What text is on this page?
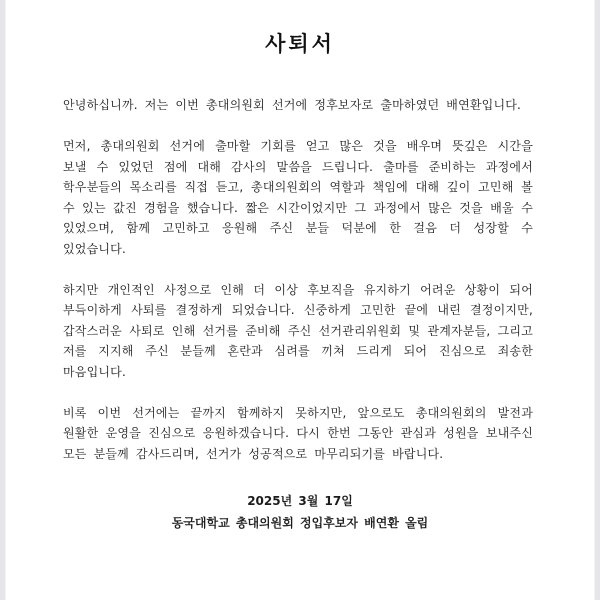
사퇴서

안녕하십니까. 저는 이번 총대의원회 선거에 정후보자로 출마하였던 배연환입니다.

먼저, 총대의원회 선거에 출마할 기회를 얻고 많은 것을 배우며 뜻깊은 시간을 보낼 수 있었던 점에 대해 감사의 말씀을 드립니다. 출마를 준비하는 과정에서 학우분들의 목소리를 직접 듣고, 총대의원회의 역할과 책임에 대해 깊이 고민해 볼 수 있는 값진 경험을 했습니다. 짧은 시간이었지만 그 과정에서 많은 것을 배울 수 있었으며, 함께 고민하고 응원해 주신 분들 덕분에 한 걸음 더 성장할 수 있었습니다.

하지만 개인적인 사정으로 인해 더 이상 후보직을 유지하기 어려운 상황이 되어 부득이하게 사퇴를 결정하게 되었습니다. 신중하게 고민한 끝에 내린 결정이지만, 갑작스러운 사퇴로 인해 선거를 준비해 주신 선거관리위원회 및 관계자분들, 그리고 저를 지지해 주신 분들께 혼란과 심려를 끼쳐 드리게 되어 진심으로 죄송한 마음입니다.

비록 이번 선거에는 끝까지 함께하지 못하지만, 앞으로도 총대의원회의 발전과 원활한 운영을 진심으로 응원하겠습니다. 다시 한번 그동안 관심과 성원을 보내주신 모든 분들께 감사드리며, 선거가 성공적으로 마무리되기를 바랍니다.

2025년 3월 17일
동국대학교 총대의원회 정입후보자 배연환 올림
